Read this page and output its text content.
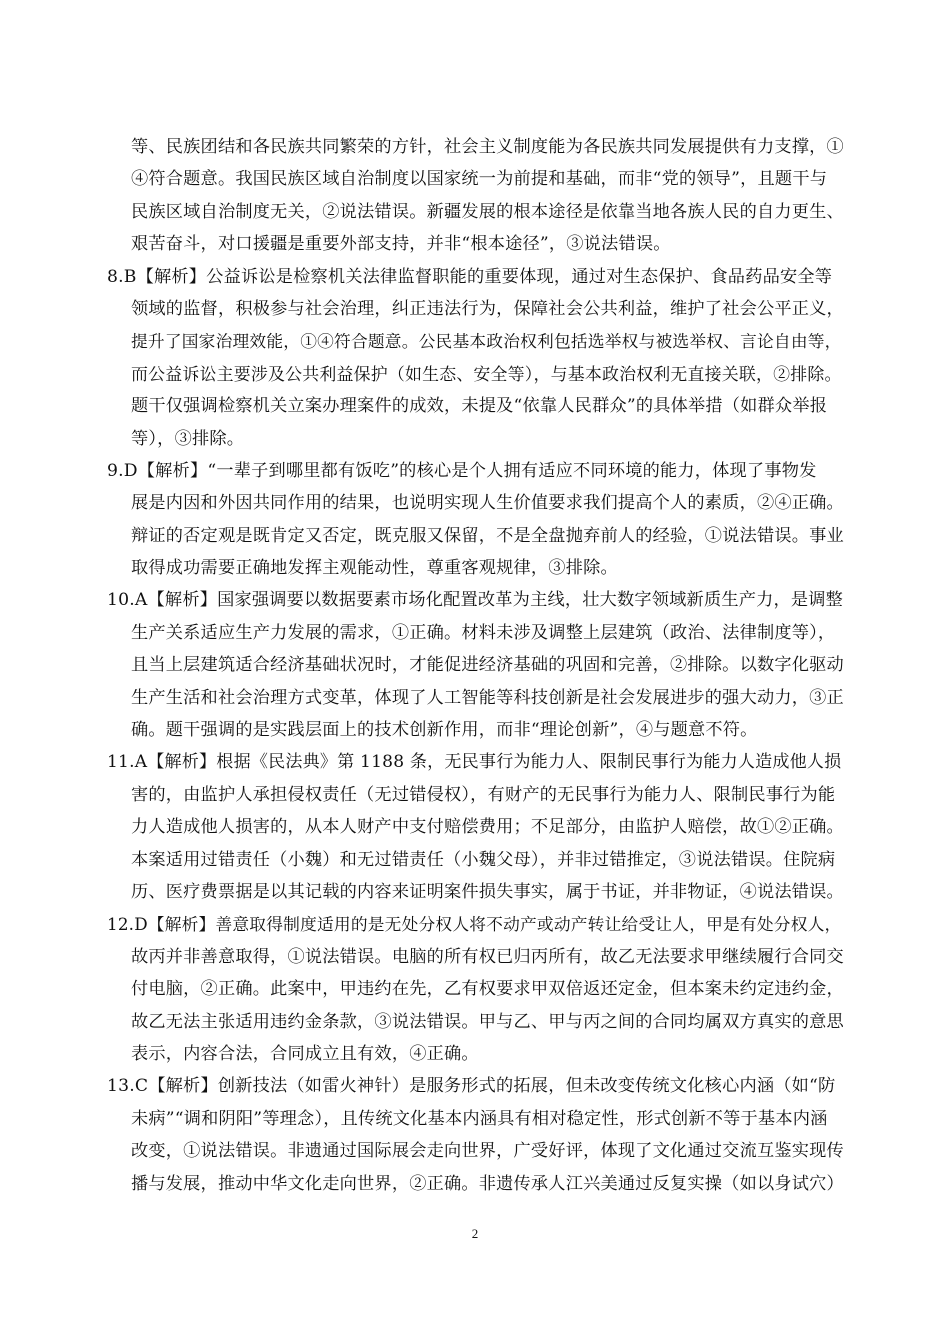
等、民族团结和各民族共同繁荣的方针，社会主义制度能为各民族共同发展提供有力支撑，①
④符合题意。我国民族区域自治制度以国家统一为前提和基础，而非“党的领导”，且题干与
民族区域自治制度无关，②说法错误。新疆发展的根本途径是依靠当地各族人民的自力更生、
艰苦奋斗，对口援疆是重要外部支持，并非“根本途径”，③说法错误。
8.B【解析】公益诉讼是检察机关法律监督职能的重要体现，通过对生态保护、食品药品安全等
领域的监督，积极参与社会治理，纠正违法行为，保障社会公共利益，维护了社会公平正义，
提升了国家治理效能，①④符合题意。公民基本政治权利包括选举权与被选举权、言论自由等，
而公益诉讼主要涉及公共利益保护（如生态、安全等），与基本政治权利无直接关联，②排除。
题干仅强调检察机关立案办理案件的成效，未提及“依靠人民群众”的具体举措（如群众举报
等），③排除。
9.D【解析】“一辈子到哪里都有饭吃”的核心是个人拥有适应不同环境的能力，体现了事物发
展是内因和外因共同作用的结果，也说明实现人生价值要求我们提高个人的素质，②④正确。
辩证的否定观是既肯定又否定，既克服又保留，不是全盘抛弃前人的经验，①说法错误。事业
取得成功需要正确地发挥主观能动性，尊重客观规律，③排除。
10.A【解析】国家强调要以数据要素市场化配置改革为主线，壮大数字领域新质生产力，是调整
生产关系适应生产力发展的需求，①正确。材料未涉及调整上层建筑（政治、法律制度等），
且当上层建筑适合经济基础状况时，才能促进经济基础的巩固和完善，②排除。以数字化驱动
生产生活和社会治理方式变革，体现了人工智能等科技创新是社会发展进步的强大动力，③正
确。题干强调的是实践层面上的技术创新作用，而非“理论创新”，④与题意不符。
11.A【解析】根据《民法典》第 1188 条，无民事行为能力人、限制民事行为能力人造成他人损
害的，由监护人承担侵权责任（无过错侵权），有财产的无民事行为能力人、限制民事行为能
力人造成他人损害的，从本人财产中支付赔偿费用；不足部分，由监护人赔偿，故①②正确。
本案适用过错责任（小魏）和无过错责任（小魏父母），并非过错推定，③说法错误。住院病
历、医疗费票据是以其记载的内容来证明案件损失事实，属于书证，并非物证，④说法错误。
12.D【解析】善意取得制度适用的是无处分权人将不动产或动产转让给受让人，甲是有处分权人，
故丙并非善意取得，①说法错误。电脑的所有权已归丙所有，故乙无法要求甲继续履行合同交
付电脑，②正确。此案中，甲违约在先，乙有权要求甲双倍返还定金，但本案未约定违约金，
故乙无法主张适用违约金条款，③说法错误。甲与乙、甲与丙之间的合同均属双方真实的意思
表示，内容合法，合同成立且有效，④正确。
13.C【解析】创新技法（如雷火神针）是服务形式的拓展，但未改变传统文化核心内涵（如“防
未病”“调和阴阳”等理念），且传统文化基本内涵具有相对稳定性，形式创新不等于基本内涵
改变，①说法错误。非遗通过国际展会走向世界，广受好评，体现了文化通过交流互鉴实现传
播与发展，推动中华文化走向世界，②正确。非遗传承人江兴美通过反复实操（如以身试穴）
2
